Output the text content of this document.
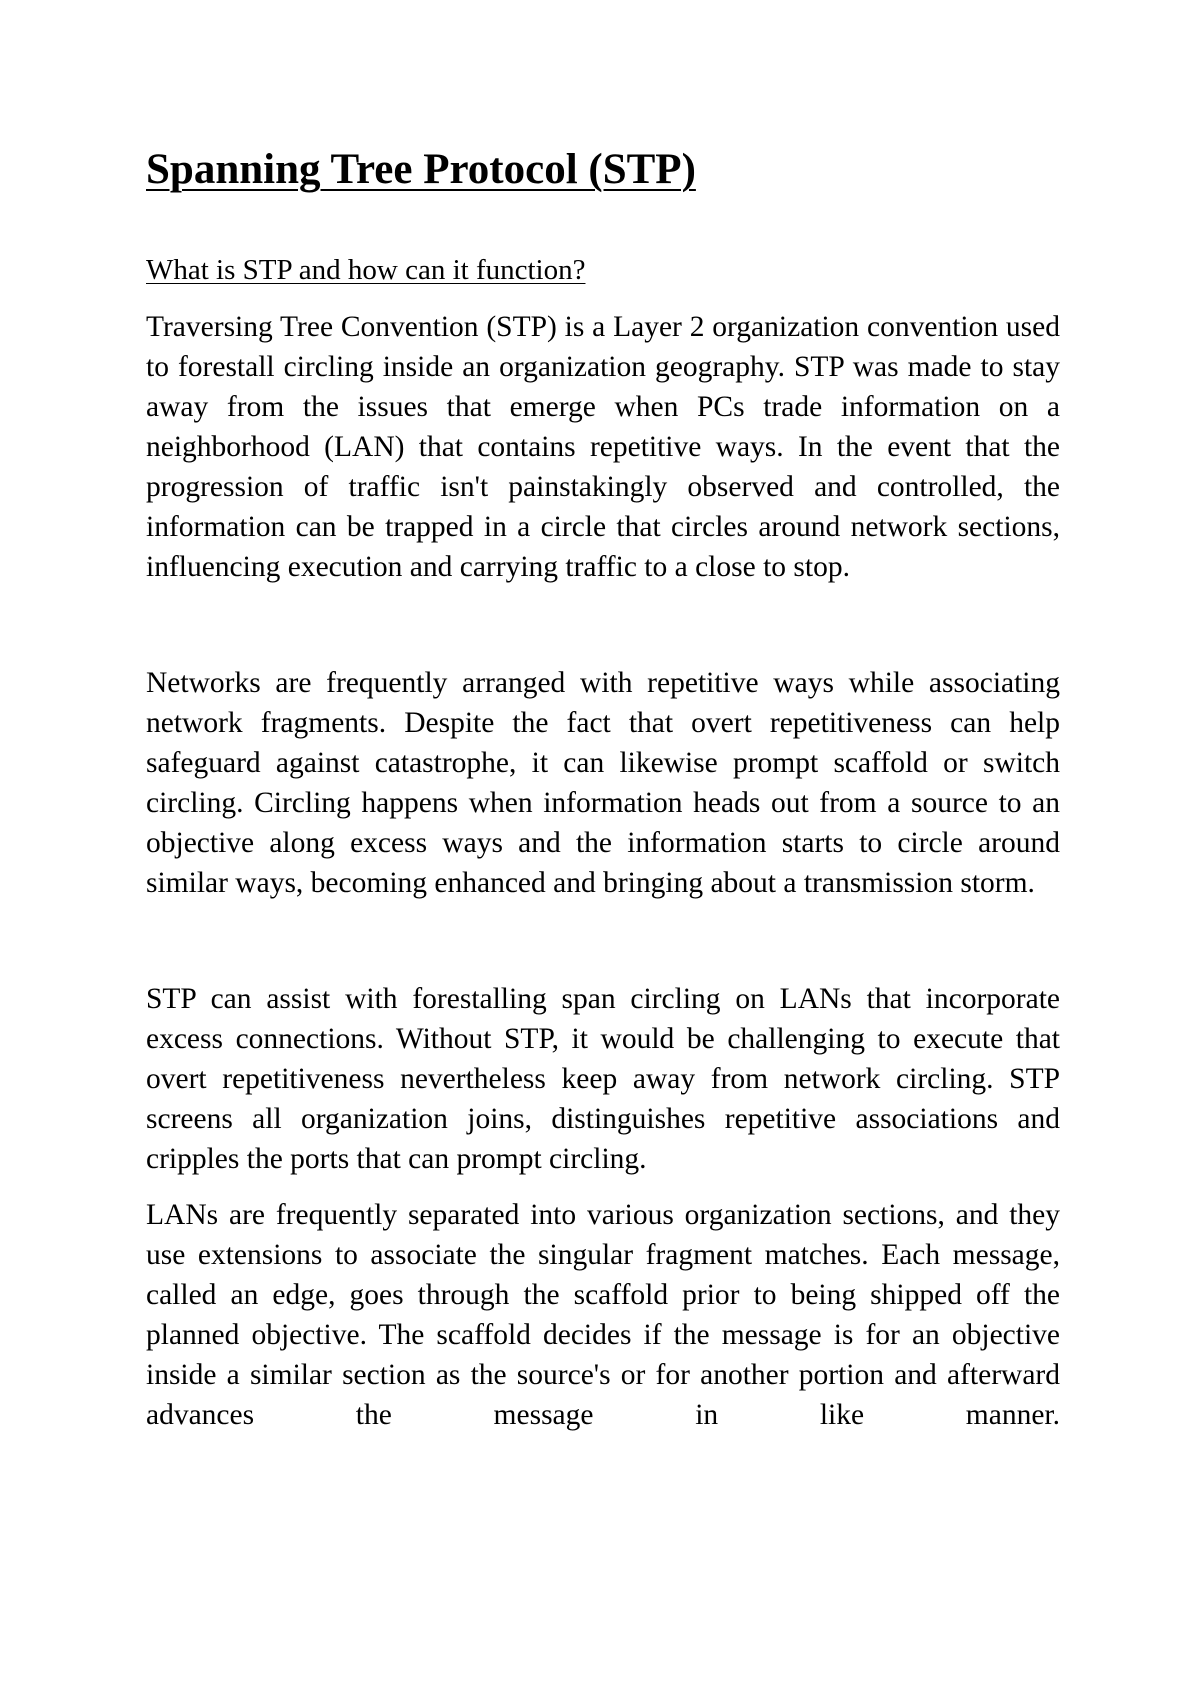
Spanning Tree Protocol (STP)

What is STP and how can it function?

Traversing Tree Convention (STP) is a Layer 2 organization convention used to forestall circling inside an organization geography. STP was made to stay away from the issues that emerge when PCs trade information on a neighborhood (LAN) that contains repetitive ways. In the event that the progression of traffic isn't painstakingly observed and controlled, the information can be trapped in a circle that circles around network sections, influencing execution and carrying traffic to a close to stop.

Networks are frequently arranged with repetitive ways while associating network fragments. Despite the fact that overt repetitiveness can help safeguard against catastrophe, it can likewise prompt scaffold or switch circling. Circling happens when information heads out from a source to an objective along excess ways and the information starts to circle around similar ways, becoming enhanced and bringing about a transmission storm.

STP can assist with forestalling span circling on LANs that incorporate excess connections. Without STP, it would be challenging to execute that overt repetitiveness nevertheless keep away from network circling. STP screens all organization joins, distinguishes repetitive associations and cripples the ports that can prompt circling.

LANs are frequently separated into various organization sections, and they use extensions to associate the singular fragment matches. Each message, called an edge, goes through the scaffold prior to being shipped off the planned objective. The scaffold decides if the message is for an objective inside a similar section as the source's or for another portion and afterward advances the message in like manner.
